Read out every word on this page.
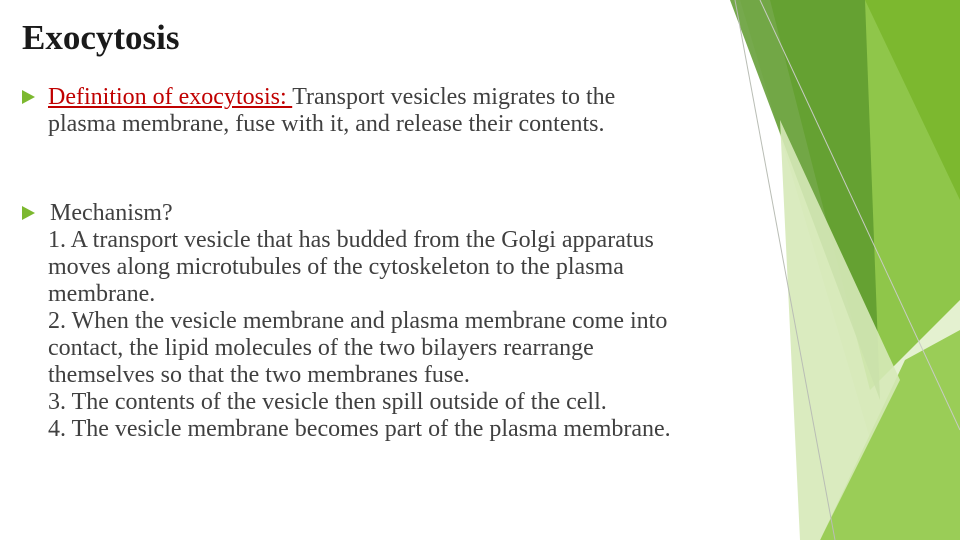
Exocytosis
Definition of exocytosis: Transport vesicles migrates to the
plasma membrane, fuse with it, and release their contents.
Mechanism?
1. A transport vesicle that has budded from the Golgi apparatus
moves along microtubules of the cytoskeleton to the plasma
membrane.
2. When the vesicle membrane and plasma membrane come into
contact, the lipid molecules of the two bilayers rearrange
themselves so that the two membranes fuse.
3. The contents of the vesicle then spill outside of the cell.
4. The vesicle membrane becomes part of the plasma membrane.
